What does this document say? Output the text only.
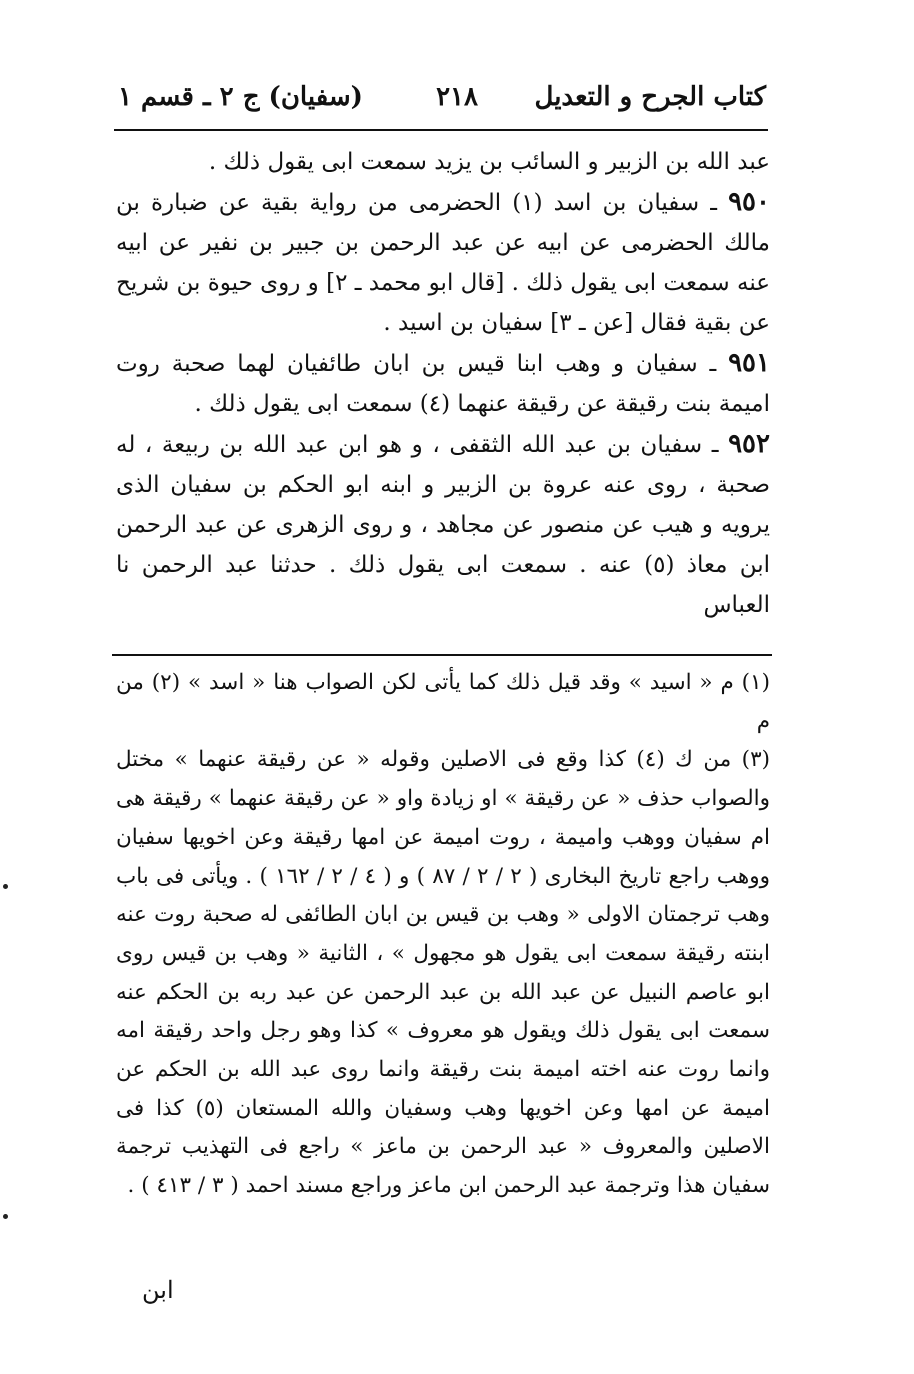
كتاب الجرح و التعديل
٢١٨
(سفيان) ج ٢ ـ قسم ١

عبد الله بن الزبير و السائب بن يزيد سمعت ابى يقول ذلك .

٩٥٠ ـ سفيان بن اسد (١) الحضرمى من رواية بقية عن ضبارة بن مالك الحضرمى عن ابيه عن عبد الرحمن بن جبير بن نفير عن ابيه عنه سمعت ابى يقول ذلك . [قال ابو محمد ـ ٢] و روى حيوة بن شريح عن بقية فقال [عن ـ ٣] سفيان بن اسيد .

٩٥١ ـ سفيان و وهب ابنا قيس بن ابان طائفيان لهما صحبة روت اميمة بنت رقيقة عن رقيقة عنهما (٤) سمعت ابى يقول ذلك .

٩٥٢ ـ سفيان بن عبد الله الثقفى ، و هو ابن عبد الله بن ربيعة ، له صحبة ، روى عنه عروة بن الزبير و ابنه ابو الحكم بن سفيان الذى يرويه و هيب عن منصور عن مجاهد ، و روى الزهرى عن عبد الرحمن ابن معاذ (٥) عنه . سمعت ابى يقول ذلك . حدثنا عبد الرحمن نا العباس

(١) م « اسيد » وقد قيل ذلك كما يأتى لكن الصواب هنا « اسد » (٢) من م

(٣) من ك (٤) كذا وقع فى الاصلين وقوله « عن رقيقة عنهما » مختل والصواب حذف « عن رقيقة » او زيادة واو « عن رقيقة عنهما » رقيقة هى ام سفيان ووهب واميمة ، روت اميمة عن امها رقيقة وعن اخويها سفيان ووهب راجع تاريخ البخارى ( ٢ / ٢ / ٨٧ ) و ( ٤ / ٢ / ١٦٢ ) . ويأتى فى باب وهب ترجمتان الاولى « وهب بن قيس بن ابان الطائفى له صحبة روت عنه ابنته رقيقة سمعت ابى يقول هو مجهول » ، الثانية « وهب بن قيس روى ابو عاصم النبيل عن عبد الله بن عبد الرحمن عن عبد ربه بن الحكم عنه سمعت ابى يقول ذلك ويقول هو معروف » كذا وهو رجل واحد رقيقة امه وانما روت عنه اخته اميمة بنت رقيقة وانما روى عبد الله بن الحكم عن اميمة عن امها وعن اخويها وهب وسفيان والله المستعان (٥) كذا فى الاصلين والمعروف « عبد الرحمن بن ماعز » راجع فى التهذيب ترجمة سفيان هذا وترجمة عبد الرحمن ابن ماعز وراجع مسند احمد ( ٣ / ٤١٣ ) .

ابن
